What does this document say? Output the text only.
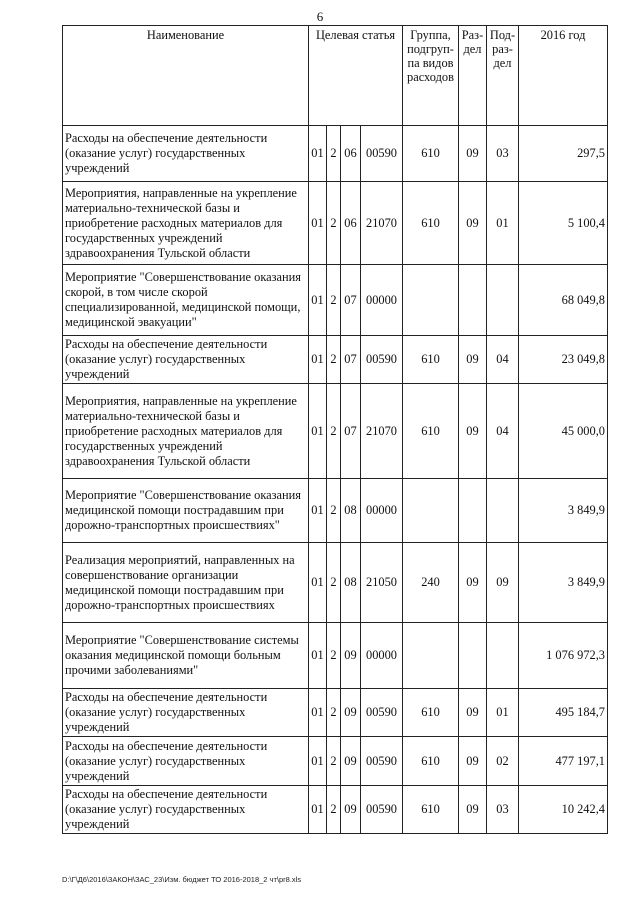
6
Наименование	Целевая статья				Группа, подгруп-па видов расходов	Раз-дел	Под-раз-дел	2016 год
Расходы на обеспечение деятельности (оказание услуг) государственных учреждений	01	2	06	00590	610	09	03	297,5
Мероприятия, направленные на укрепление материально-технической базы и приобретение расходных материалов для государственных учреждений здравоохранения Тульской области	01	2	06	21070	610	09	01	5 100,4
Мероприятие "Совершенствование оказания скорой, в том числе скорой специализированной, медицинской помощи, медицинской эвакуации"	01	2	07	00000				68 049,8
Расходы на обеспечение деятельности (оказание услуг) государственных учреждений	01	2	07	00590	610	09	04	23 049,8
Мероприятия, направленные на укрепление материально-технической базы и приобретение расходных материалов для государственных учреждений здравоохранения Тульской области	01	2	07	21070	610	09	04	45 000,0
Мероприятие "Совершенствование оказания медицинской помощи пострадавшим при дорожно-транспортных происшествиях"	01	2	08	00000				3 849,9
Реализация мероприятий, направленных на совершенствование организации медицинской помощи пострадавшим при дорожно-транспортных происшествиях	01	2	08	21050	240	09	09	3 849,9
Мероприятие "Совершенствование системы оказания медицинской помощи больным прочими заболеваниями"	01	2	09	00000				1 076 972,3
Расходы на обеспечение деятельности (оказание услуг) государственных учреждений	01	2	09	00590	610	09	01	495 184,7
Расходы на обеспечение деятельности (оказание услуг) государственных учреждений	01	2	09	00590	610	09	02	477 197,1
Расходы на обеспечение деятельности (оказание услуг) государственных учреждений	01	2	09	00590	610	09	03	10 242,4
D:\Г\Д6\2016\ЗАКОН\ЗАС_23\Изм. бюджет ТО 2016-2018_2 чт\pr8.xls
